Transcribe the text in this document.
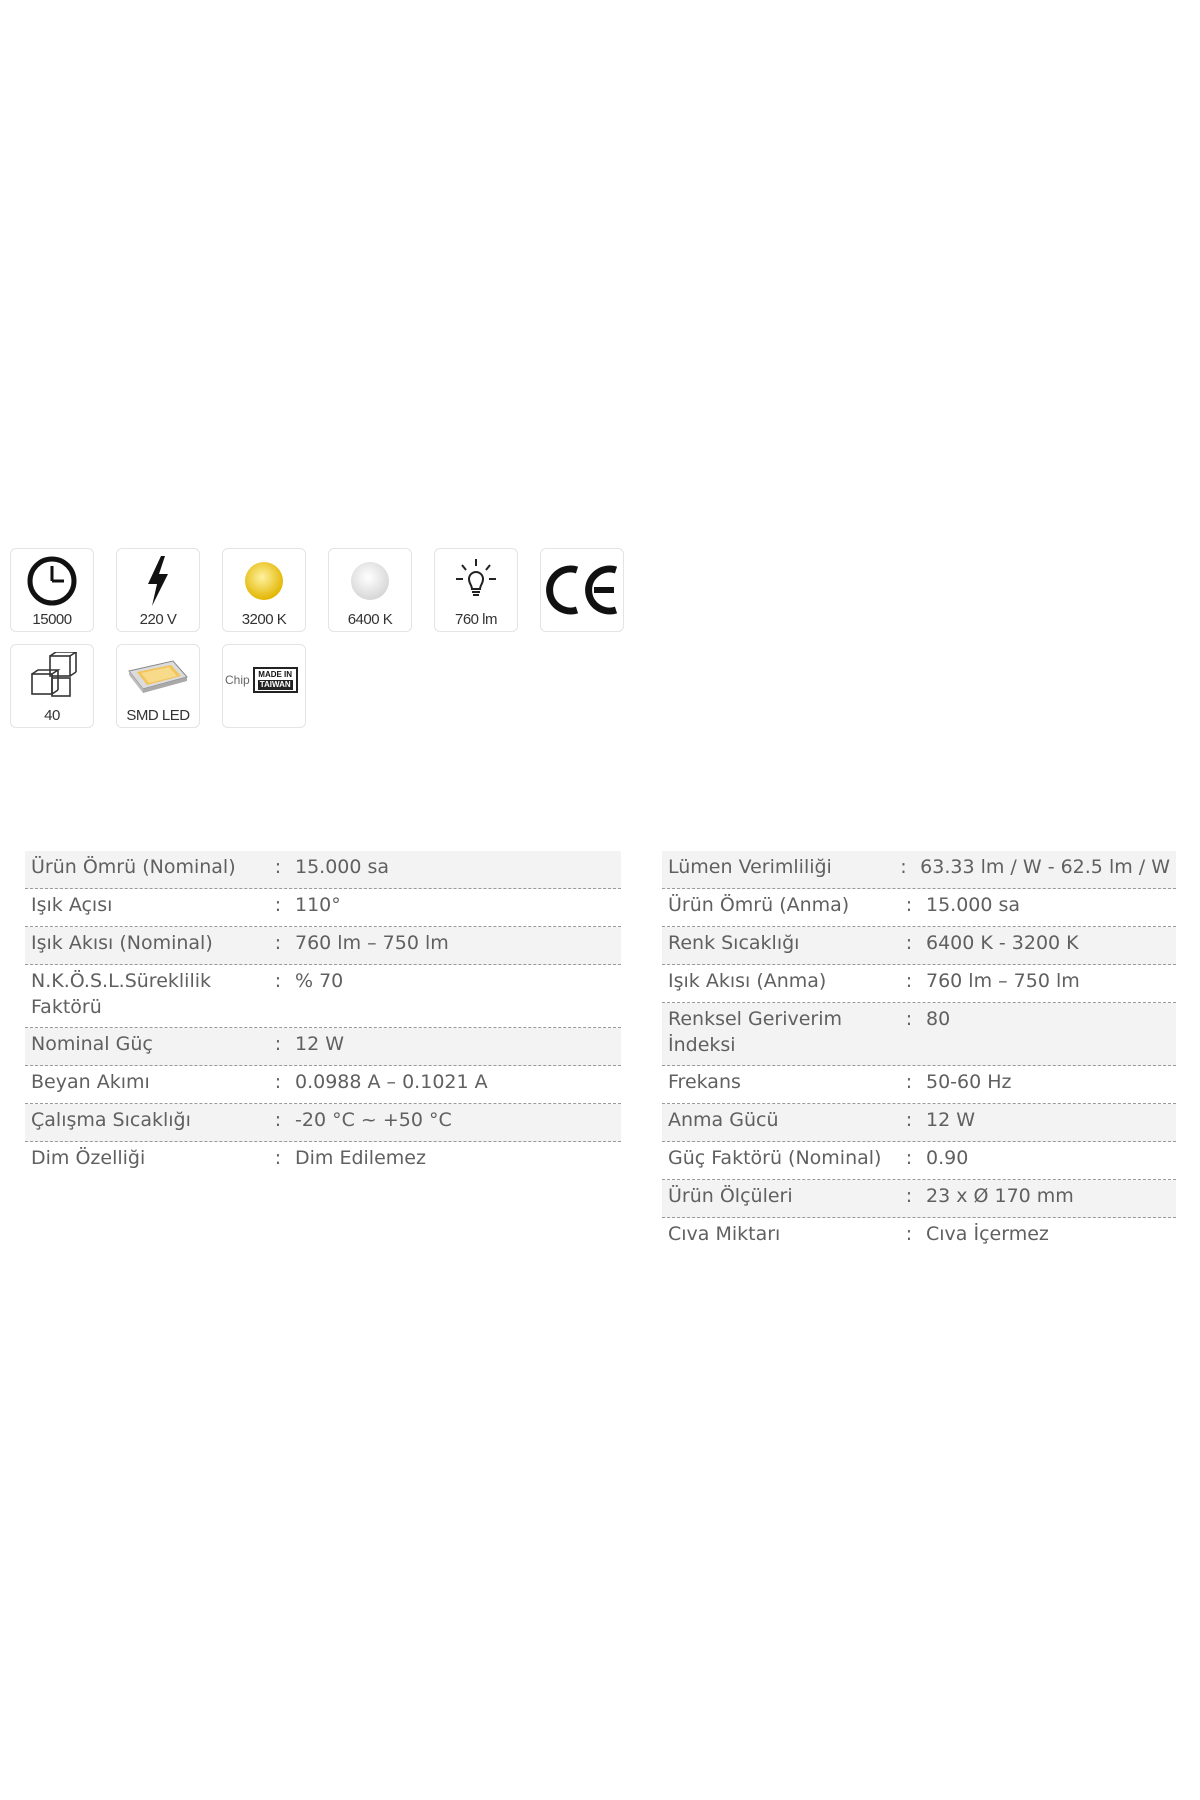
15000	220 V	3200 K	6400 K	760 lm
40	SMD LED
Chip MADE IN
TAIWAN
Ürün Ömrü (Nominal)	: 15.000 sa
Işık Açısı	: 110°
Işık Akısı (Nominal)	: 760 lm – 750 lm
N.K.Ö.S.L.Süreklilik Faktörü
: % 70
Nominal Güç	: 12 W
Beyan Akımı	: 0.0988 A – 0.1021 A
Çalışma Sıcaklığı	: -20 °C ~ +50 °C
Dim Özelliği	: Dim Edilemez
Lümen Verimliliği	: 63.33 lm / W - 62.5 lm / W
Ürün Ömrü (Anma)	: 15.000 sa
Renk Sıcaklığı	: 6400 K - 3200 K
Işık Akısı (Anma)	: 760 lm – 750 lm
Renksel Geriverim İndeksi
: 80
Frekans	: 50-60 Hz
Anma Gücü	: 12 W
Güç Faktörü (Nominal)	: 0.90
Ürün Ölçüleri	: 23 x Ø 170 mm
Cıva Miktarı	: Cıva İçermez
